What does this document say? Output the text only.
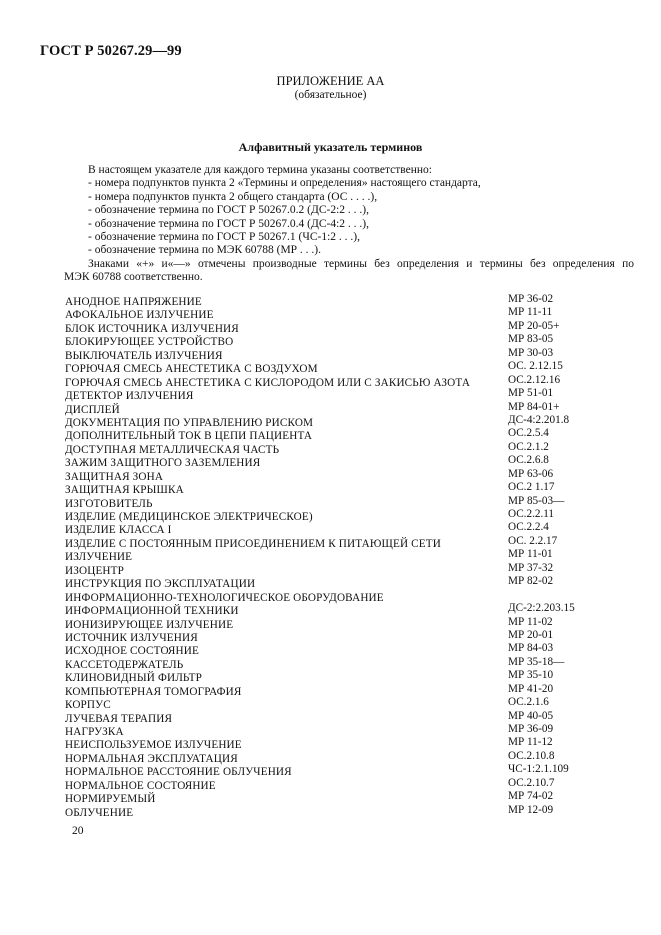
ГОСТ Р 50267.29—99
ПРИЛОЖЕНИЕ АА
(обязательное)
Алфавитный указатель терминов
В настоящем указателе для каждого термина указаны соответственно:
- номера подпунктов пункта 2 «Термины и определения» настоящего стандарта,
- номера подпунктов пункта 2 общего стандарта (ОС . . . .),
- обозначение термина по ГОСТ Р 50267.0.2 (ДС-2:2 . . .),
- обозначение термина по ГОСТ Р 50267.0.4 (ДС-4:2 . . .),
- обозначение термина по ГОСТ Р 50267.1 (ЧС-1:2 . . .),
- обозначение термина по МЭК 60788 (МР . . .).
Знаками «+» и«—» отмечены производные термины без определения и термины без определения по
МЭК 60788 соответственно.
АНОДНОЕ НАПРЯЖЕНИЕ	МР 36-02
АФОКАЛЬНОЕ ИЗЛУЧЕНИЕ	МР 11-11
БЛОК ИСТОЧНИКА ИЗЛУЧЕНИЯ	МР 20-05+
БЛОКИРУЮЩЕЕ УСТРОЙСТВО	МР 83-05
ВЫКЛЮЧАТЕЛЬ ИЗЛУЧЕНИЯ	МР 30-03
ГОРЮЧАЯ СМЕСЬ АНЕСТЕТИКА С ВОЗДУХОМ	ОС. 2.12.15
ГОРЮЧАЯ СМЕСЬ АНЕСТЕТИКА С КИСЛОРОДОМ ИЛИ С ЗАКИСЬЮ АЗОТА	ОС.2.12.16
ДЕТЕКТОР ИЗЛУЧЕНИЯ	МР 51-01
ДИСПЛЕЙ	МР 84-01+
ДОКУМЕНТАЦИЯ ПО УПРАВЛЕНИЮ РИСКОМ	ДС-4:2.201.8
ДОПОЛНИТЕЛЬНЫЙ ТОК В ЦЕПИ ПАЦИЕНТА	ОС.2.5.4
ДОСТУПНАЯ МЕТАЛЛИЧЕСКАЯ ЧАСТЬ	ОС.2.1.2
ЗАЖИМ ЗАЩИТНОГО ЗАЗЕМЛЕНИЯ	ОС.2.6.8
ЗАЩИТНАЯ ЗОНА	МР 63-06
ЗАЩИТНАЯ КРЫШКА	ОС.2 1.17
ИЗГОТОВИТЕЛЬ	МР 85-03—
ИЗДЕЛИЕ (МЕДИЦИНСКОЕ ЭЛЕКТРИЧЕСКОЕ)	ОС.2.2.11
ИЗДЕЛИЕ КЛАССА I	ОС.2.2.4
ИЗДЕЛИЕ С ПОСТОЯННЫМ ПРИСОЕДИНЕНИЕМ К ПИТАЮЩЕЙ СЕТИ	ОС. 2.2.17
ИЗЛУЧЕНИЕ	МР 11-01
ИЗОЦЕНТР	МР 37-32
ИНСТРУКЦИЯ ПО ЭКСПЛУАТАЦИИ	МР 82-02
ИНФОРМАЦИОННО-ТЕХНОЛОГИЧЕСКОЕ ОБОРУДОВАНИЕ
ИНФОРМАЦИОННОЙ ТЕХНИКИ	ДС-2:2.203.15
ИОНИЗИРУЮЩЕЕ ИЗЛУЧЕНИЕ	МР 11-02
ИСТОЧНИК ИЗЛУЧЕНИЯ	МР 20-01
ИСХОДНОЕ СОСТОЯНИЕ	МР 84-03
КАССЕТОДЕРЖАТЕЛЬ	МР 35-18—
КЛИНОВИДНЫЙ ФИЛЬТР	МР 35-10
КОМПЬЮТЕРНАЯ ТОМОГРАФИЯ	МР 41-20
КОРПУС	ОС.2.1.6
ЛУЧЕВАЯ ТЕРАПИЯ	МР 40-05
НАГРУЗКА	МР 36-09
НЕИСПОЛЬЗУЕМОЕ ИЗЛУЧЕНИЕ	МР 11-12
НОРМАЛЬНАЯ ЭКСПЛУАТАЦИЯ	ОС.2.10.8
НОРМАЛЬНОЕ РАССТОЯНИЕ ОБЛУЧЕНИЯ	ЧС-1:2.1.109
НОРМАЛЬНОЕ СОСТОЯНИЕ	ОС.2.10.7
НОРМИРУЕМЫЙ	МР 74-02
ОБЛУЧЕНИЕ	МР 12-09
20
